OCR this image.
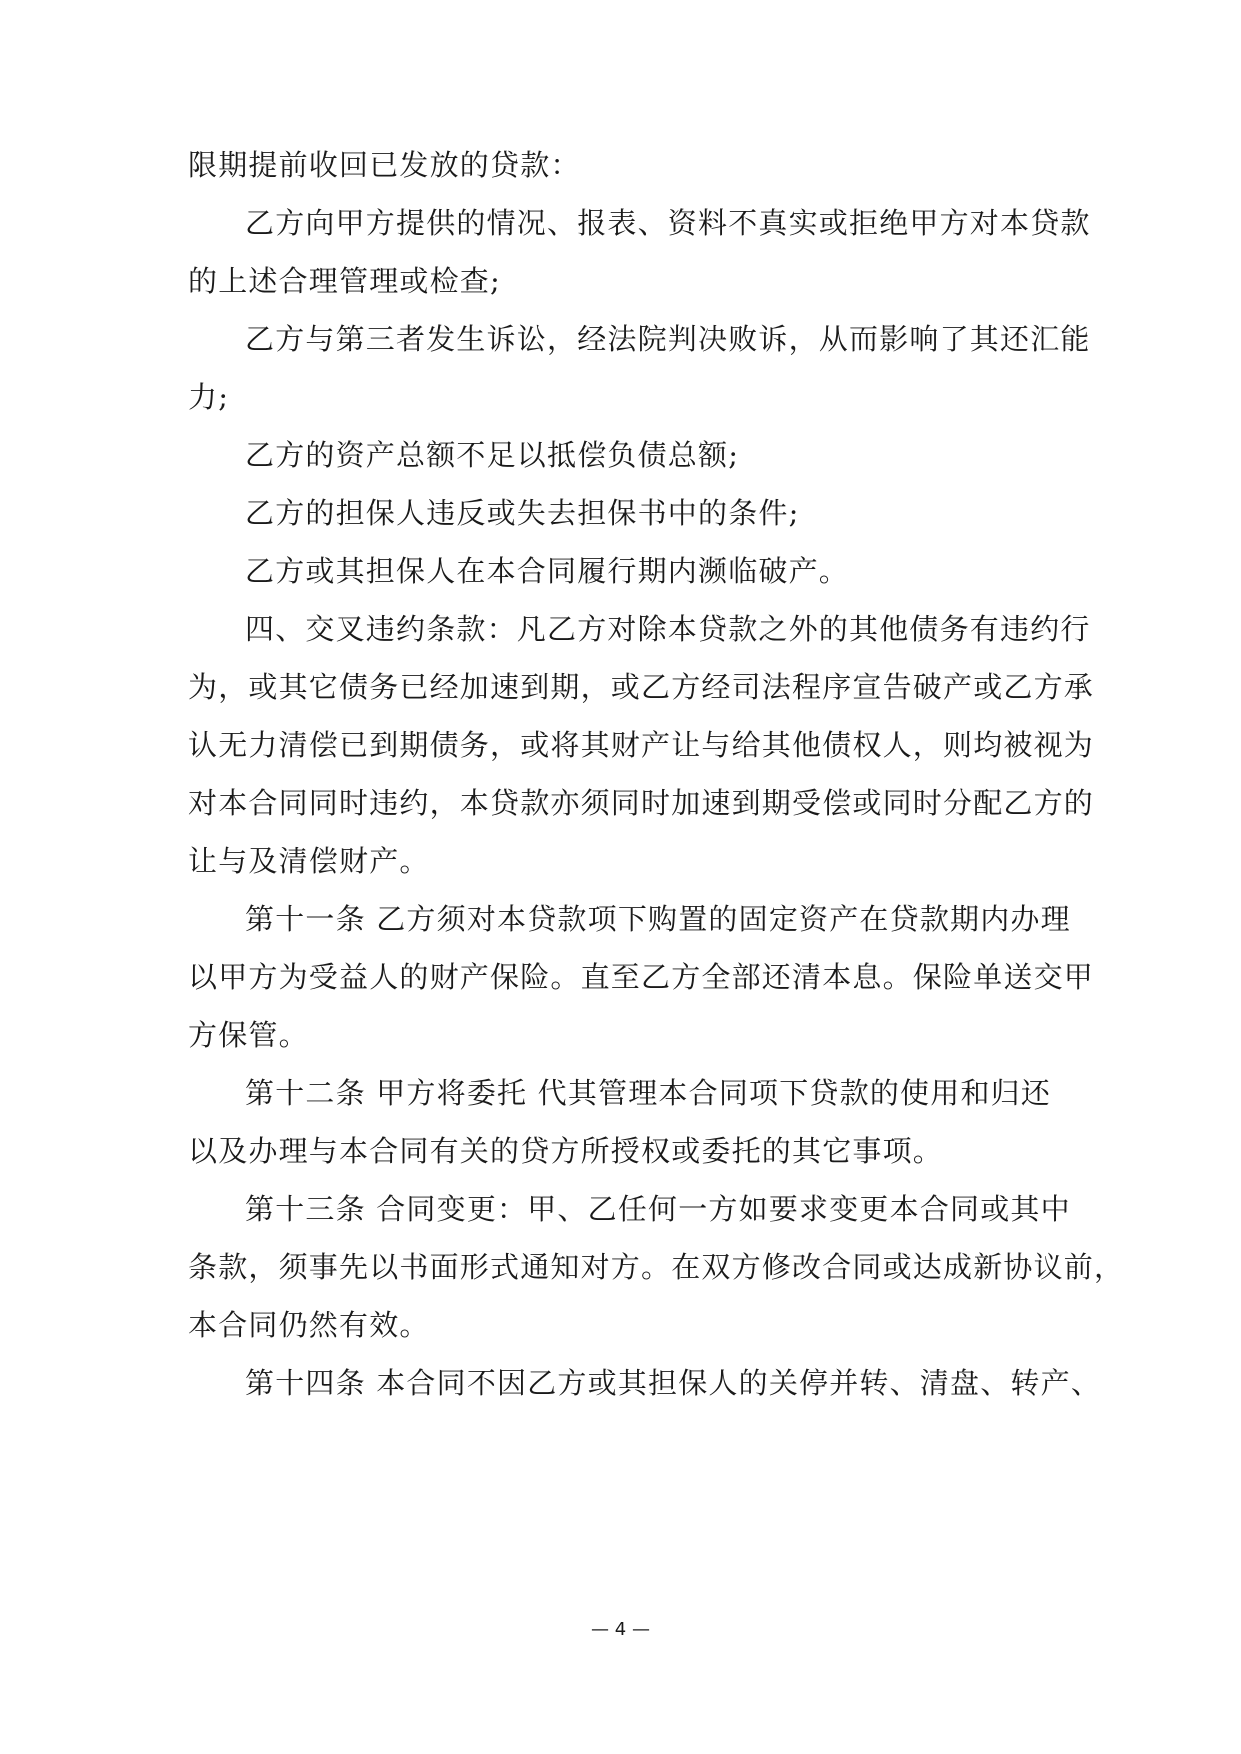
限期提前收回已发放的贷款：
乙方向甲方提供的情况、报表、资料不真实或拒绝甲方对本贷款
的上述合理管理或检查;
乙方与第三者发生诉讼，经法院判决败诉，从而影响了其还汇能
力;
乙方的资产总额不足以抵偿负债总额;
乙方的担保人违反或失去担保书中的条件;
乙方或其担保人在本合同履行期内濒临破产。
四、交叉违约条款：凡乙方对除本贷款之外的其他债务有违约行
为，或其它债务已经加速到期，或乙方经司法程序宣告破产或乙方承
认无力清偿已到期债务，或将其财产让与给其他债权人，则均被视为
对本合同同时违约，本贷款亦须同时加速到期受偿或同时分配乙方的
让与及清偿财产。
第十一条 乙方须对本贷款项下购置的固定资产在贷款期内办理
以甲方为受益人的财产保险。直至乙方全部还清本息。保险单送交甲
方保管。
第十二条 甲方将委托 代其管理本合同项下贷款的使用和归还
以及办理与本合同有关的贷方所授权或委托的其它事项。
第十三条 合同变更：甲、乙任何一方如要求变更本合同或其中
条款，须事先以书面形式通知对方。在双方修改合同或达成新协议前，
本合同仍然有效。
第十四条 本合同不因乙方或其担保人的关停并转、清盘、转产、
— 4 —
